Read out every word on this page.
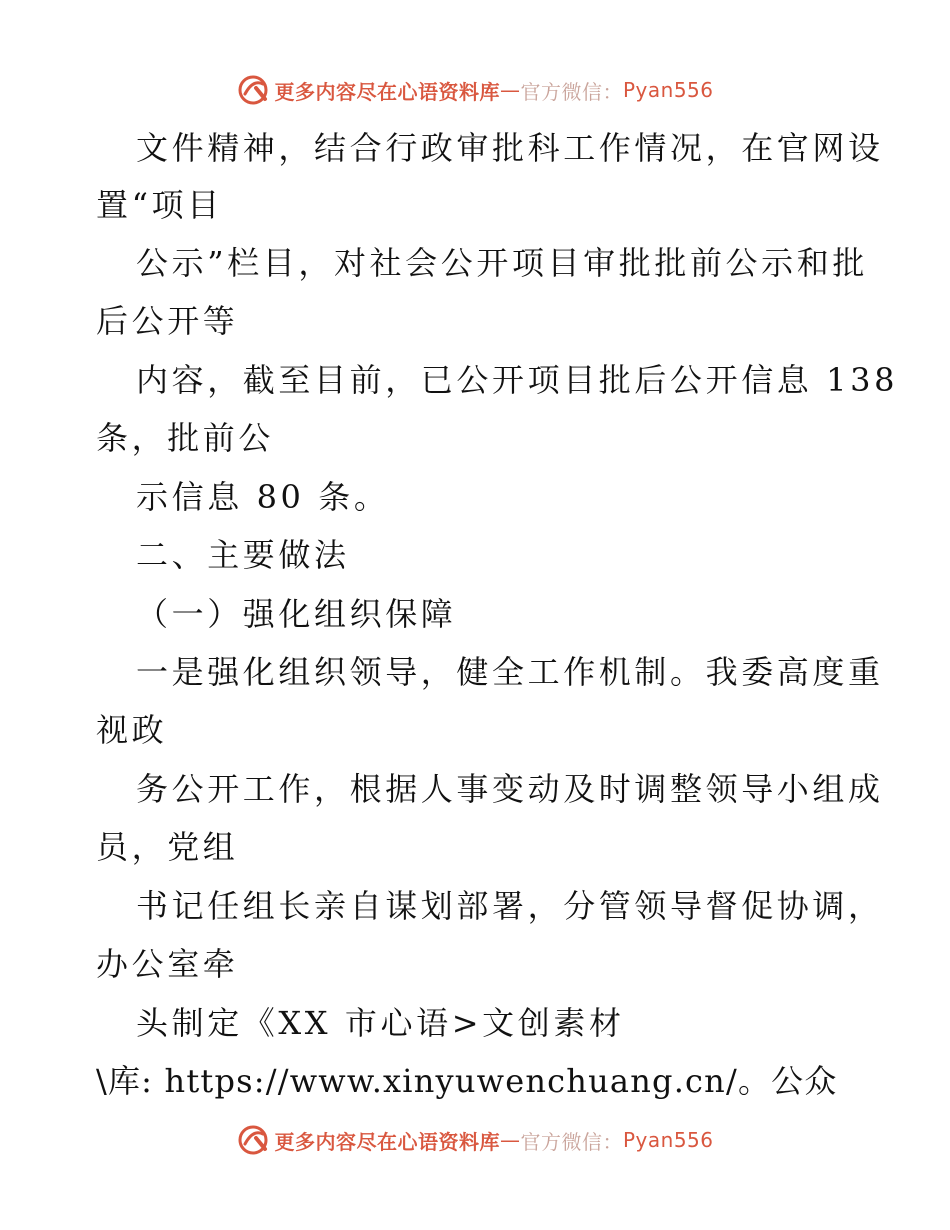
更多内容尽在心语资料库 — 官方微信： Pyan556
文件精神，结合行政审批科工作情况，在官网设
置“项目
公示”栏目，对社会公开项目审批批前公示和批
后公开等
内容，截至目前，已公开项目批后公开信息 138
条，批前公
示信息 80 条。
二、主要做法
（一）强化组织保障
一是强化组织领导，健全工作机制。我委高度重
视政
务公开工作，根据人事变动及时调整领导小组成
员，党组
书记任组长亲自谋划部署，分管领导督促协调，
办公室牵
头制定《XX 市心语>文创素材
\库: https://www.xinyuwenchuang.cn/。公众
更多内容尽在心语资料库 — 官方微信： Pyan556
